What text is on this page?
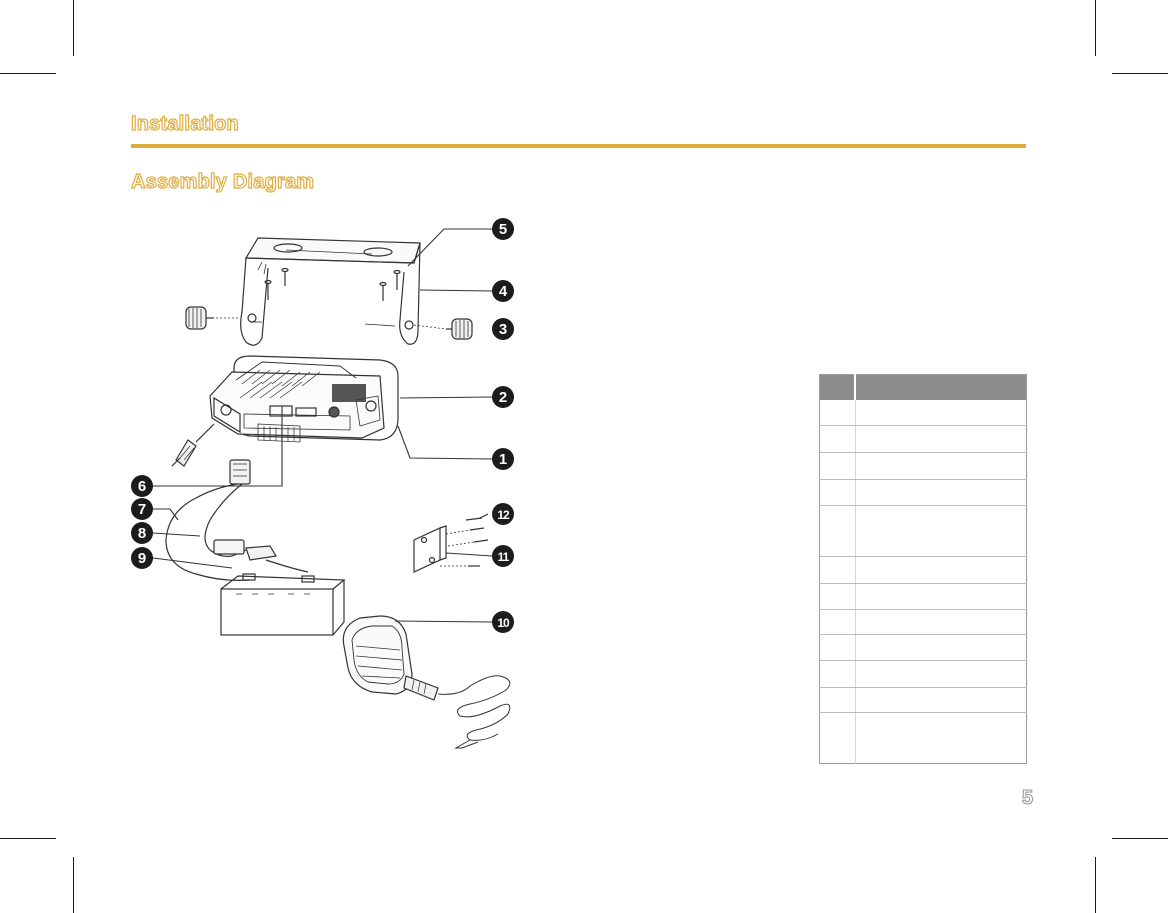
Installation
Assembly Diagram
1
2
3
4
5
6
7
8
9
10
11
12

5
